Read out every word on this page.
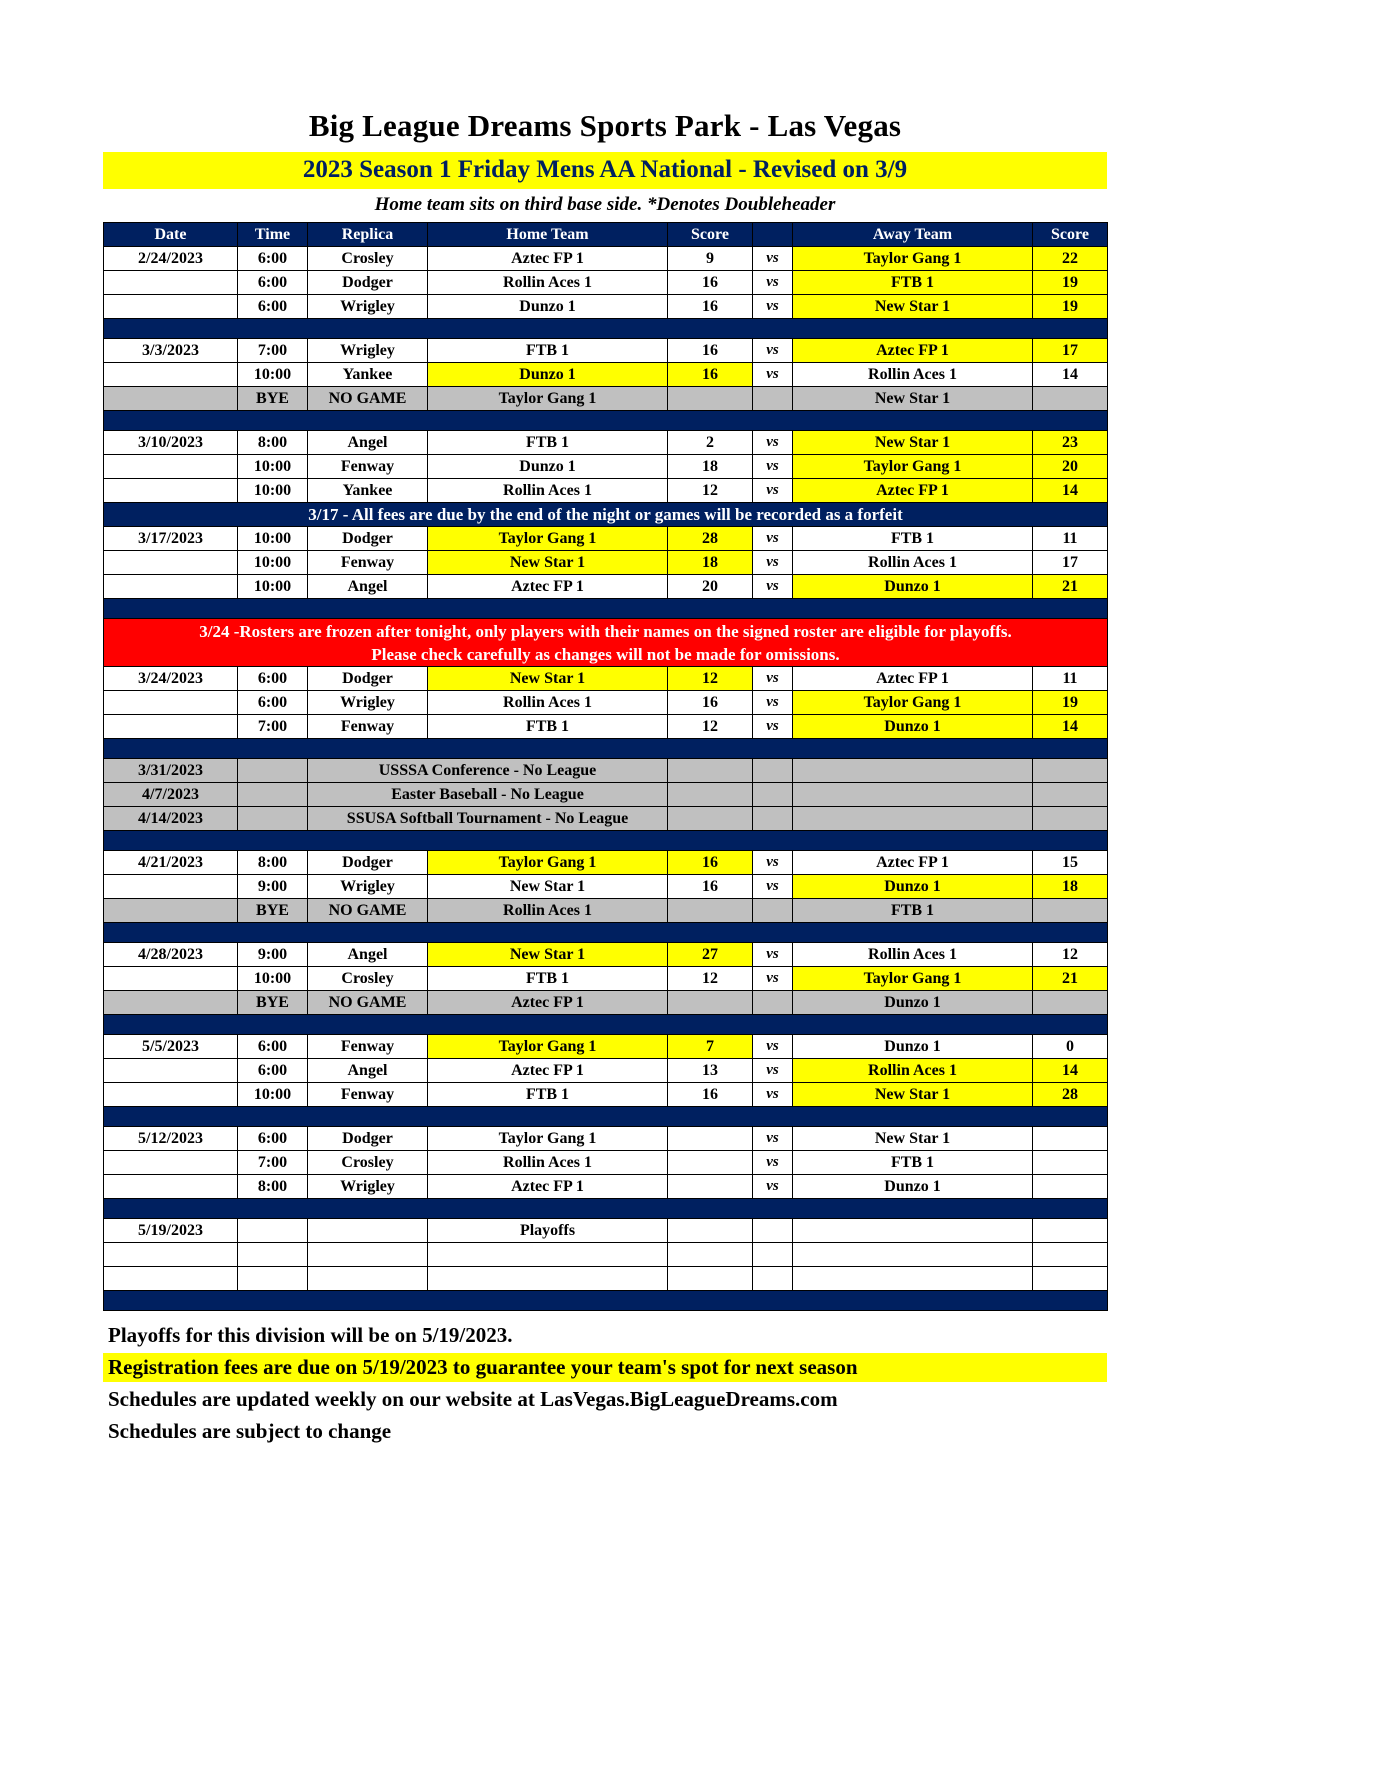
Big League Dreams Sports Park - Las Vegas
2023 Season 1 Friday Mens AA National - Revised on 3/9
Home team sits on third base side. *Denotes Doubleheader
Date	Time	Replica	Home Team	Score		Away Team	Score
2/24/2023	6:00	Crosley	Aztec FP 1	9	vs	Taylor Gang 1	22
	6:00	Dodger	Rollin Aces 1	16	vs	FTB 1	19
	6:00	Wrigley	Dunzo 1	16	vs	New Star 1	19

3/3/2023	7:00	Wrigley	FTB 1	16	vs	Aztec FP 1	17
	10:00	Yankee	Dunzo 1	16	vs	Rollin Aces 1	14
	BYE	NO GAME	Taylor Gang 1			New Star 1	

3/10/2023	8:00	Angel	FTB 1	2	vs	New Star 1	23
	10:00	Fenway	Dunzo 1	18	vs	Taylor Gang 1	20
	10:00	Yankee	Rollin Aces 1	12	vs	Aztec FP 1	14

3/17 - All fees are due by the end of the night or games will be recorded as a forfeit							

3/17/2023	10:00	Dodger	Taylor Gang 1	28	vs	FTB 1	11
	10:00	Fenway	New Star 1	18	vs	Rollin Aces 1	17
	10:00	Angel	Aztec FP 1	20	vs	Dunzo 1	21

3/24 -Rosters are frozen after tonight, only players with their names on the signed roster are eligible for playoffs.
Please check carefully as changes will not be made for omissions.							

3/24/2023	6:00	Dodger	New Star 1	12	vs	Aztec FP 1	11
	6:00	Wrigley	Rollin Aces 1	16	vs	Taylor Gang 1	19
	7:00	Fenway	FTB 1	12	vs	Dunzo 1	14

3/31/2023		USSSA Conference - No League					
4/7/2023		Easter Baseball - No League					
4/14/2023		SSUSA Softball Tournament - No League					

4/21/2023	8:00	Dodger	Taylor Gang 1	16	vs	Aztec FP 1	15
	9:00	Wrigley	New Star 1	16	vs	Dunzo 1	18
	BYE	NO GAME	Rollin Aces 1			FTB 1	

4/28/2023	9:00	Angel	New Star 1	27	vs	Rollin Aces 1	12
	10:00	Crosley	FTB 1	12	vs	Taylor Gang 1	21
	BYE	NO GAME	Aztec FP 1			Dunzo 1	

5/5/2023	6:00	Fenway	Taylor Gang 1	7	vs	Dunzo 1	0
	6:00	Angel	Aztec FP 1	13	vs	Rollin Aces 1	14
	10:00	Fenway	FTB 1	16	vs	New Star 1	28

5/12/2023	6:00	Dodger	Taylor Gang 1		vs	New Star 1	
	7:00	Crosley	Rollin Aces 1		vs	FTB 1	
	8:00	Wrigley	Aztec FP 1		vs	Dunzo 1	

5/19/2023			Playoffs				

Playoffs for this division will be on 5/19/2023.
Registration fees are due on 5/19/2023 to guarantee your team's spot for next season
Schedules are updated weekly on our website at LasVegas.BigLeagueDreams.com
Schedules are subject to change
